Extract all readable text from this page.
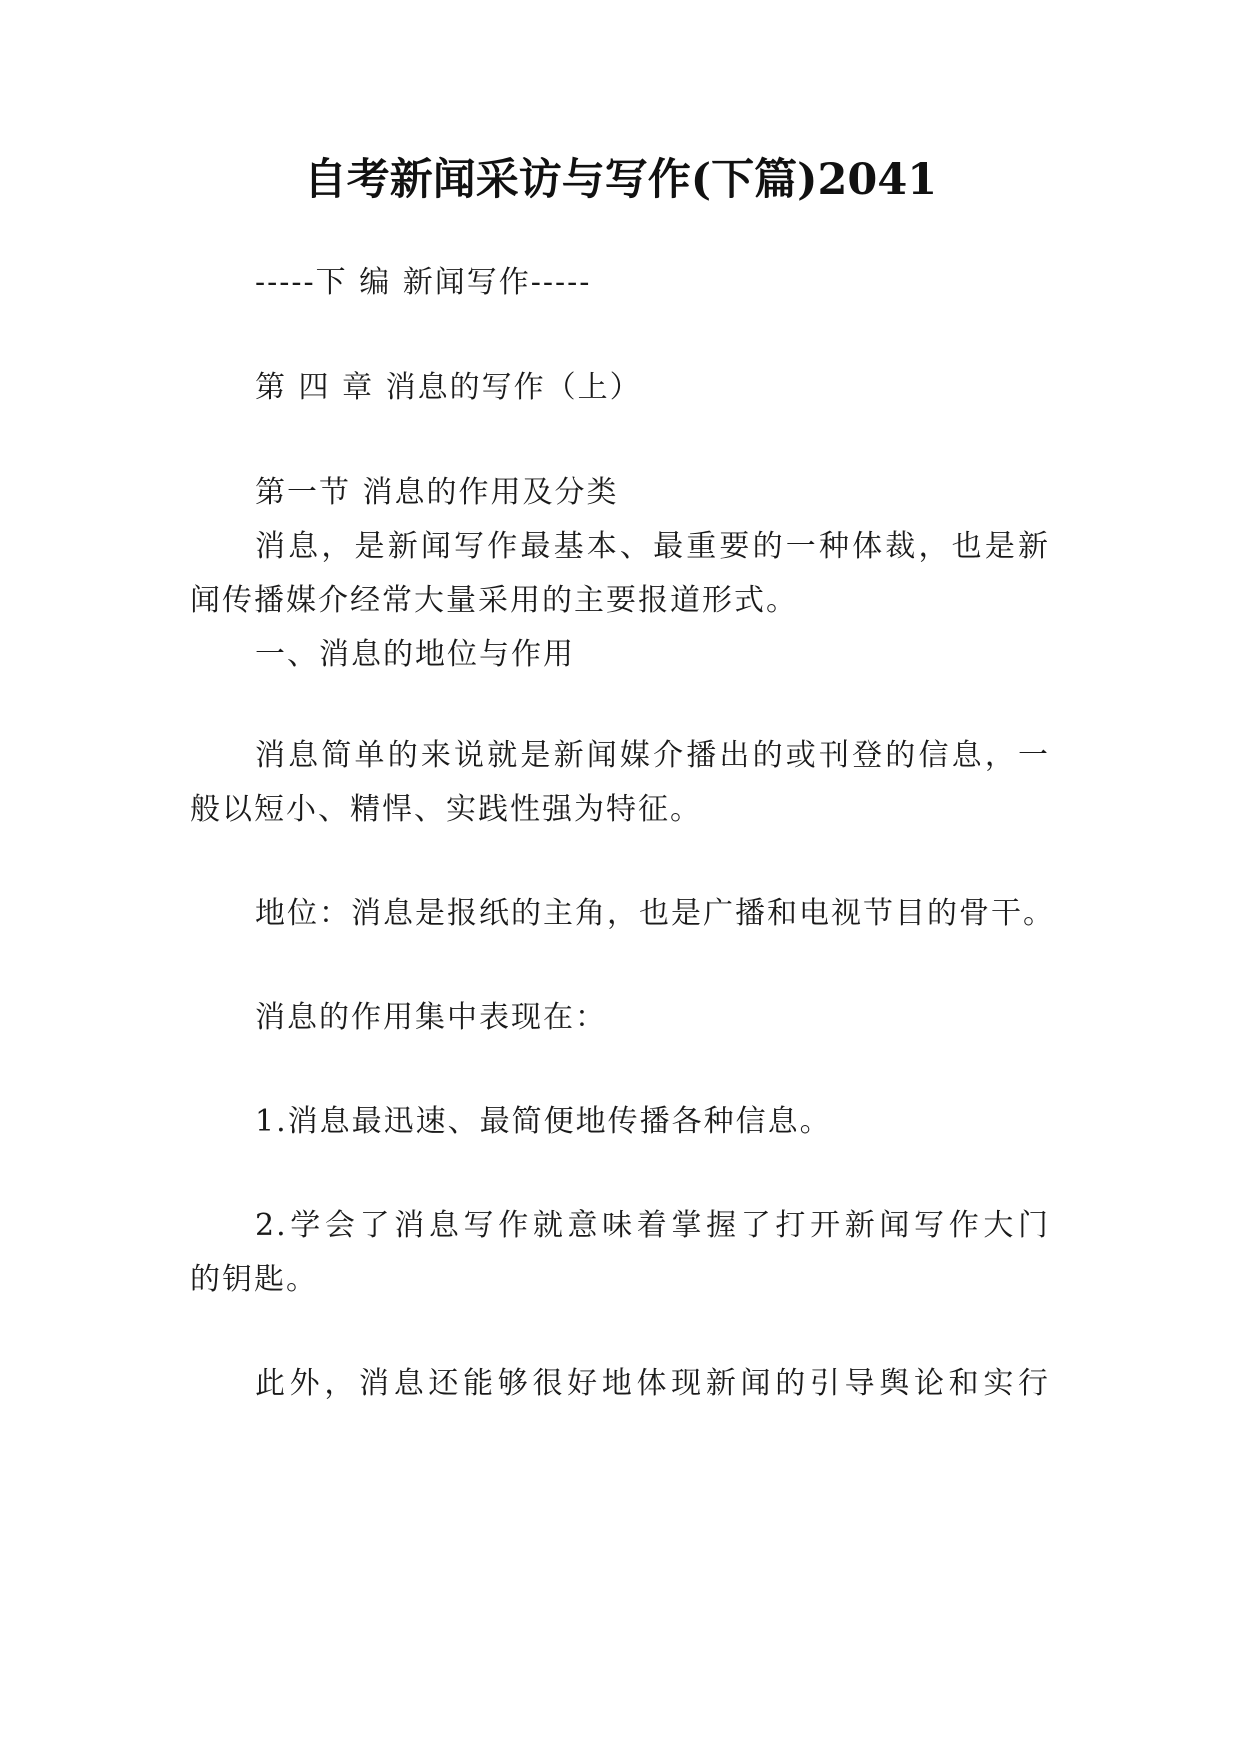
自考新闻采访与写作(下篇)2041
-----下 编 新闻写作-----
第 四 章 消息的写作（上）
第一节 消息的作用及分类
消息，是新闻写作最基本、最重要的一种体裁，也是新
闻传播媒介经常大量采用的主要报道形式。
一、消息的地位与作用
消息简单的来说就是新闻媒介播出的或刊登的信息，一
般以短小、精悍、实践性强为特征。
地位：消息是报纸的主角，也是广播和电视节目的骨干。
消息的作用集中表现在：
1.消息最迅速、最简便地传播各种信息。
2.学会了消息写作就意味着掌握了打开新闻写作大门
的钥匙。
此外，消息还能够很好地体现新闻的引导舆论和实行
